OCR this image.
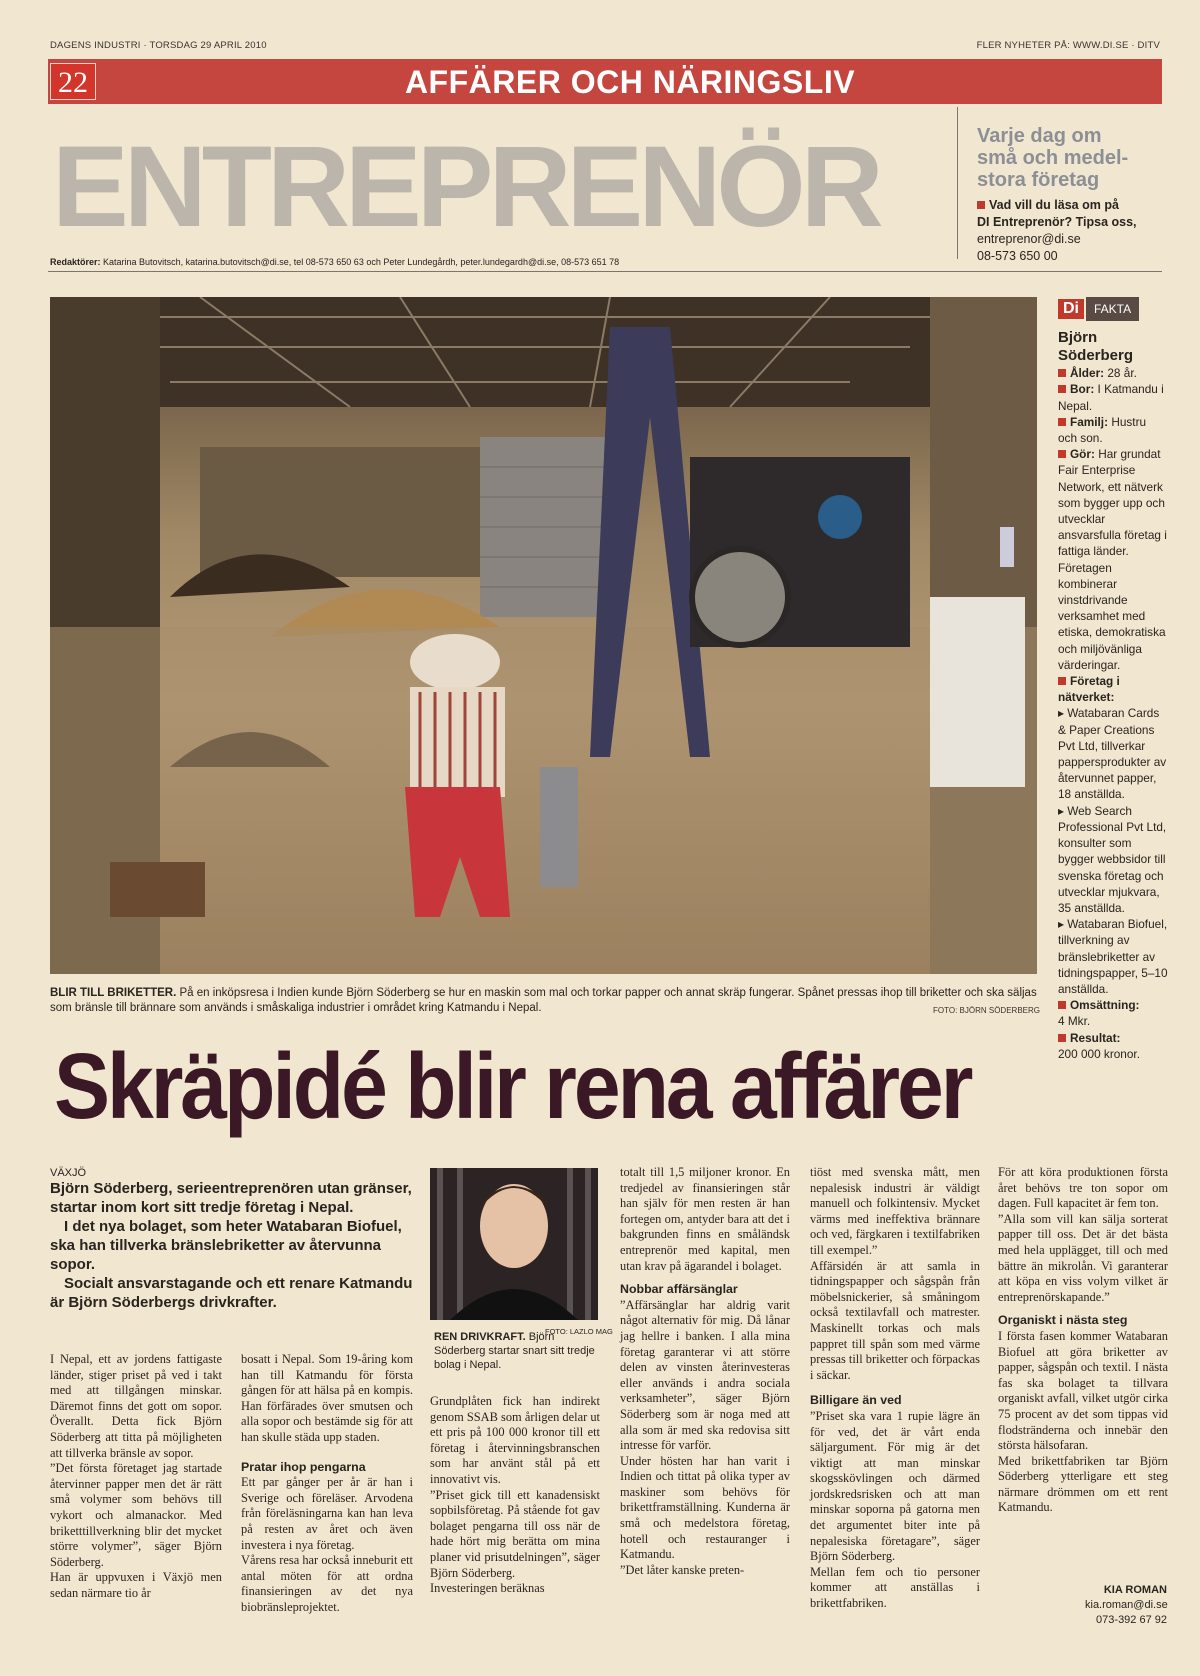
DAGENS INDUSTRI · TORSDAG 29 APRIL 2010	FLER NYHETER PÅ: WWW.DI.SE · DITV
22	AFFÄRER OCH NÄRINGSLIV
ENTREPRENÖR	Varje dag om
små och medel-
stora företag
Vad vill du läsa om på
DI Entreprenör? Tipsa oss,
entreprenor@di.se
08-573 650 00
Redaktörer: Katarina Butovitsch, katarina.butovitsch@di.se, tel 08-573 650 63 och Peter Lundegårdh, peter.lundegardh@di.se, 08-573 651 78
BLIR TILL BRIKETTER. På en inköpsresa i Indien kunde Björn Söderberg se hur en maskin som mal och torkar papper och annat skräp fungerar. Spånet pressas ihop till briketter och ska säljas som bränsle till brännare som används i småskaliga industrier i området kring Katmandu i Nepal.	FOTO: BJÖRN SÖDERBERG
Di FAKTA
Björn
Söderberg
Ålder: 28 år.
Bor: I Katmandu i Nepal.
Familj: Hustru och son.
Gör: Har grundat Fair Enterprise Network, ett nätverk som bygger upp och utvecklar ansvarsfulla företag i fattiga länder. Företagen kombinerar vinstdrivande verksamhet med etiska, demokratiska och miljövänliga värderingar.
Företag i nätverket:
▸ Watabaran Cards & Paper Creations Pvt Ltd, tillverkar pappersprodukter av återvunnet papper, 18 anställda.
▸ Web Search Professional Pvt Ltd, konsulter som bygger webbsidor till svenska företag och utvecklar mjukvara, 35 anställda.
▸ Watabaran Biofuel, tillverkning av bränslebriketter av tidningspapper, 5–10 anställda.
Omsättning:
4 Mkr.
Resultat:
200 000 kronor.
Skräpidé blir rena affärer
VÄXJÖ
Björn Söderberg, serieentreprenören utan gränser, startar inom kort sitt tredje företag i Nepal.
I det nya bolaget, som heter Watabaran Biofuel, ska han tillverka bränslebriketter av återvunna sopor.
Socialt ansvarstagande och ett renare Katmandu är Björn Söderbergs drivkrafter.
I Nepal, ett av jordens fattigaste länder, stiger priset på ved i takt med att tillgången minskar. Däremot finns det gott om sopor. Överallt. Detta fick Björn Söderberg att titta på möjligheten att tillverka bränsle av sopor.
”Det första företaget jag startade återvinner papper men det är rätt små volymer som behövs till vykort och almanackor. Med briketttillverkning blir det mycket större volymer”, säger Björn Söderberg.
Han är uppvuxen i Växjö men sedan närmare tio år
bosatt i Nepal. Som 19-åring kom han till Katmandu för första gången för att hälsa på en kompis. Han förfärades över smutsen och alla sopor och bestämde sig för att han skulle städa upp staden.
Pratar ihop pengarna
Ett par gånger per år är han i Sverige och föreläser. Arvodena från föreläsningarna kan han leva på resten av året och även investera i nya företag.
Vårens resa har också inneburit ett antal möten för att ordna finansieringen av det nya biobränsleprojektet.
FOTO: LAZLO MAG
REN DRIVKRAFT. Björn Söderberg startar snart sitt tredje bolag i Nepal.
Grundplåten fick han indirekt genom SSAB som årligen delar ut ett pris på 100 000 kronor till ett företag i återvinningsbranschen som har använt stål på ett innovativt vis.
”Priset gick till ett kanadensiskt sopbilsföretag. På stående fot gav bolaget pengarna till oss när de hade hört mig berätta om mina planer vid prisutdelningen”, säger Björn Söderberg.
Investeringen beräknas
totalt till 1,5 miljoner kronor. En tredjedel av finansieringen står han själv för men resten är han fortegen om, antyder bara att det i bakgrunden finns en småländsk entreprenör med kapital, men utan krav på ägarandel i bolaget.
Nobbar affärsänglar
”Affärsänglar har aldrig varit något alternativ för mig. Då lånar jag hellre i banken. I alla mina företag garanterar vi att större delen av vinsten återinvesteras eller används i andra sociala verksamheter”, säger Björn Söderberg som är noga med att alla som är med ska redovisa sitt intresse för varför.
Under hösten har han varit i Indien och tittat på olika typer av maskiner som behövs för brikettframställning. Kunderna är små och medelstora företag, hotell och restauranger i Katmandu.
”Det låter kanske preten-
tiöst med svenska mått, men nepalesisk industri är väldigt manuell och folkintensiv. Mycket värms med ineffektiva brännare och ved, färgkaren i textilfabriken till exempel.”
Affärsidén är att samla in tidningspapper och sågspån från möbelsnickerier, så småningom också textilavfall och matrester. Maskinellt torkas och mals pappret till spån som med värme pressas till briketter och förpackas i säckar.
Billigare än ved
”Priset ska vara 1 rupie lägre än för ved, det är vårt enda säljargument. För mig är det viktigt att man minskar skogsskövlingen och därmed jordskredsrisken och att man minskar soporna på gatorna men det argumentet biter inte på nepalesiska företagare”, säger Björn Söderberg.
Mellan fem och tio personer kommer att anställas i brikettfabriken.
För att köra produktionen första året behövs tre ton sopor om dagen. Full kapacitet är fem ton.
”Alla som vill kan sälja sorterat papper till oss. Det är det bästa med hela upplägget, till och med bättre än mikrolån. Vi garanterar att köpa en viss volym vilket är entreprenörskapande.”
Organiskt i nästa steg
I första fasen kommer Watabaran Biofuel att göra briketter av papper, sågspån och textil. I nästa fas ska bolaget ta tillvara organiskt avfall, vilket utgör cirka 75 procent av det som tippas vid flodstränderna och innebär den största hälsofaran.
Med brikettfabriken tar Björn Söderberg ytterligare ett steg närmare drömmen om ett rent Katmandu.
KIA ROMAN
kia.roman@di.se
073-392 67 92
